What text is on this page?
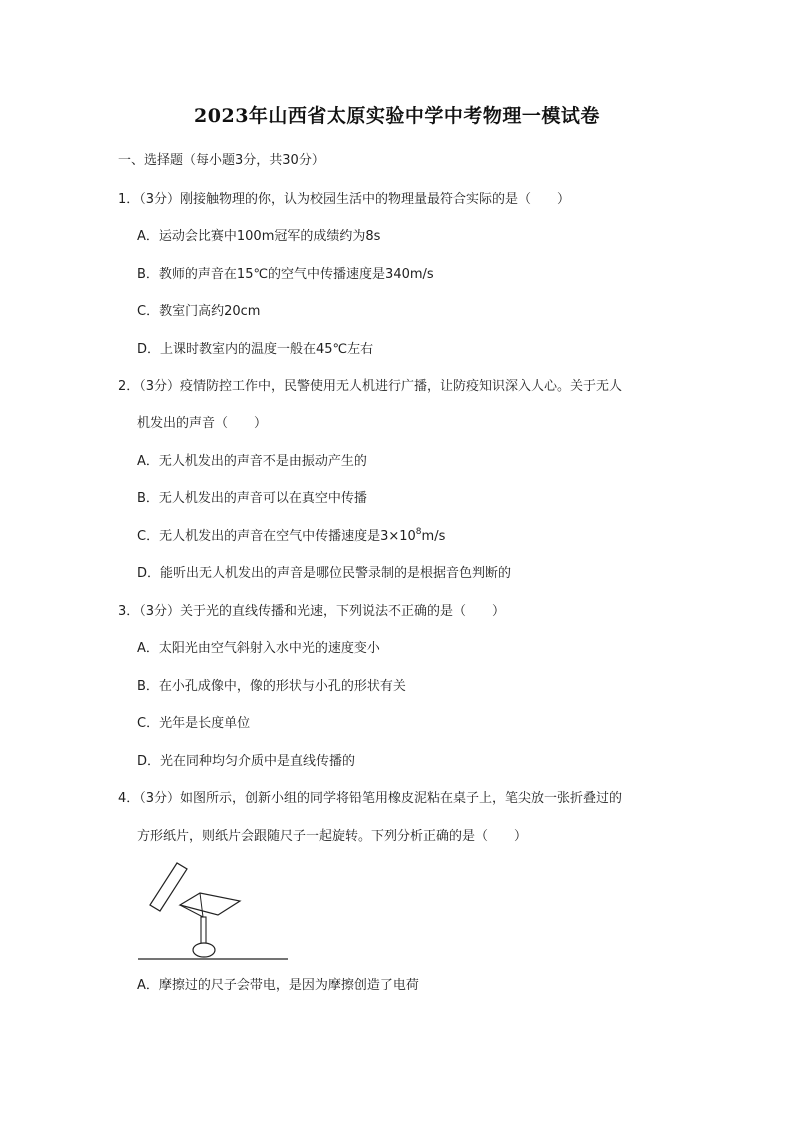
2023年山西省太原实验中学中考物理一模试卷
一、选择题（每小题3分，共30分）
1．（3分）刚接触物理的你，认为校园生活中的物理量最符合实际的是（　　）
A．运动会比赛中100m冠军的成绩约为8s
B．教师的声音在15℃的空气中传播速度是340m/s
C．教室门高约20cm
D．上课时教室内的温度一般在45℃左右
2．（3分）疫情防控工作中，民警使用无人机进行广播，让防疫知识深入人心。关于无人
机发出的声音（　　）
A．无人机发出的声音不是由振动产生的
B．无人机发出的声音可以在真空中传播
C．无人机发出的声音在空气中传播速度是$3\times 10^8m/s$
D．能听出无人机发出的声音是哪位民警录制的是根据音色判断的
3．（3分）关于光的直线传播和光速，下列说法不正确的是（　　）
A．太阳光由空气斜射入水中光的速度变小
B．在小孔成像中，像的形状与小孔的形状有关
C．光年是长度单位
D．光在同种均匀介质中是直线传播的
4．（3分）如图所示，创新小组的同学将铅笔用橡皮泥粘在桌子上，笔尖放一张折叠过的
方形纸片，则纸片会跟随尺子一起旋转。下列分析正确的是（　　）
A．摩擦过的尺子会带电，是因为摩擦创造了电荷
